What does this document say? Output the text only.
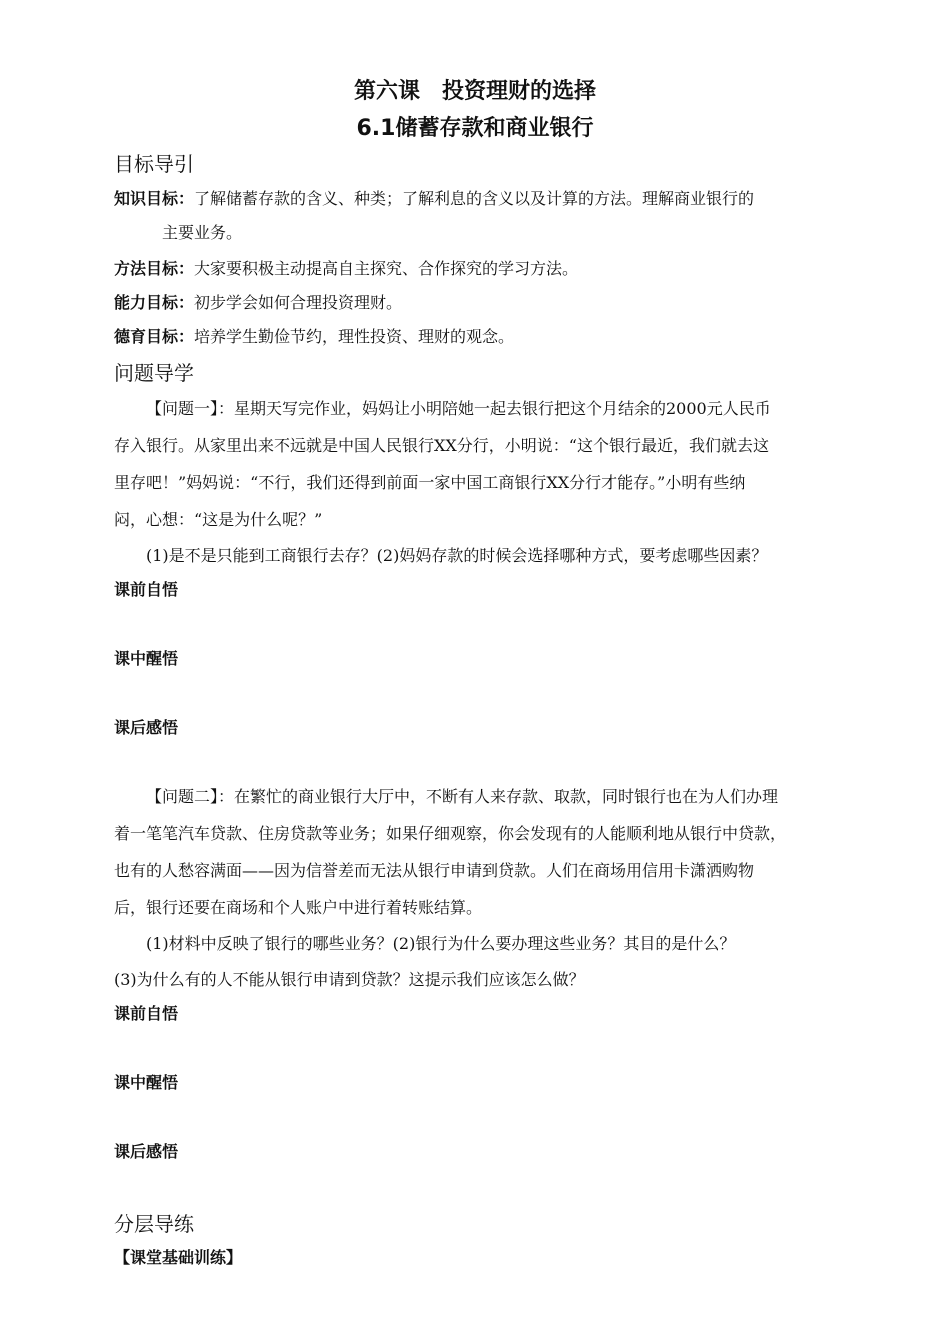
第六课　投资理财的选择
6.1储蓄存款和商业银行
目标导引
知识目标：了解储蓄存款的含义、种类；了解利息的含义以及计算的方法。理解商业银行的
主要业务。
方法目标：大家要积极主动提高自主探究、合作探究的学习方法。
能力目标：初步学会如何合理投资理财。
德育目标：培养学生勤俭节约，理性投资、理财的观念。
问题导学
【问题一】：星期天写完作业，妈妈让小明陪她一起去银行把这个月结余的2000元人民币
存入银行。从家里出来不远就是中国人民银行XX分行，小明说：“这个银行最近，我们就去这
里存吧！”妈妈说：“不行，我们还得到前面一家中国工商银行XX分行才能存。”小明有些纳
闷，心想：“这是为什么呢？”
(1)是不是只能到工商银行去存？(2)妈妈存款的时候会选择哪种方式，要考虑哪些因素？
课前自悟
课中醒悟
课后感悟
【问题二】：在繁忙的商业银行大厅中，不断有人来存款、取款，同时银行也在为人们办理
着一笔笔汽车贷款、住房贷款等业务；如果仔细观察，你会发现有的人能顺利地从银行中贷款，
也有的人愁容满面——因为信誉差而无法从银行申请到贷款。人们在商场用信用卡潇洒购物
后，银行还要在商场和个人账户中进行着转账结算。
(1)材料中反映了银行的哪些业务？(2)银行为什么要办理这些业务？其目的是什么？
(3)为什么有的人不能从银行申请到贷款？这提示我们应该怎么做？
课前自悟
课中醒悟
课后感悟
分层导练
【课堂基础训练】
